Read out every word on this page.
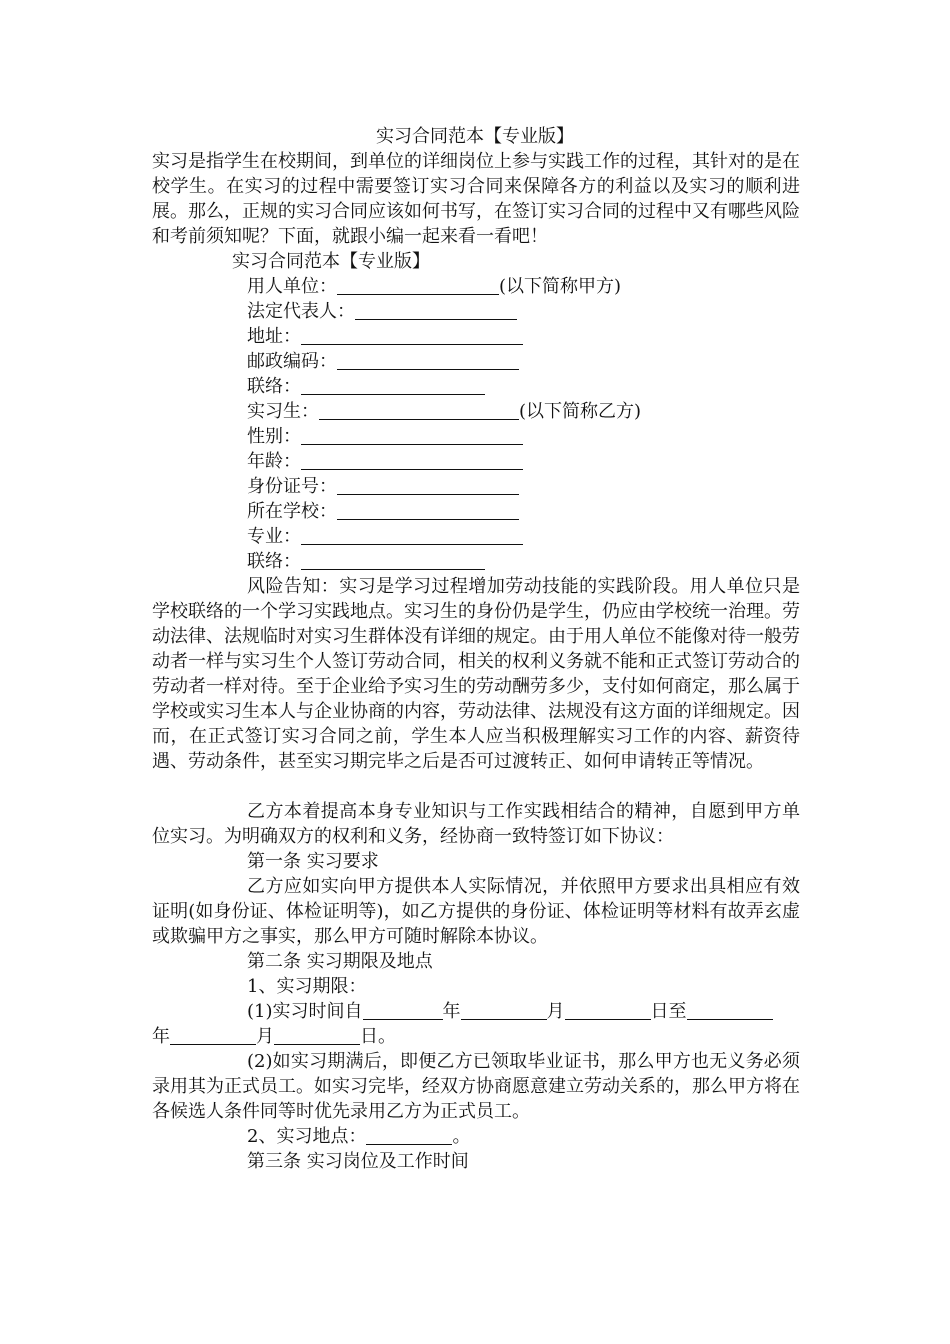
实习合同范本【专业版】
实习是指学生在校期间，到单位的详细岗位上参与实践工作的过程，其针对的是在校学生。在实习的过程中需要签订实习合同来保障各方的利益以及实习的顺利进展。那么，正规的实习合同应该如何书写，在签订实习合同的过程中又有哪些风险和考前须知呢？下面，就跟小编一起来看一看吧！
实习合同范本【专业版】
用人单位：	(以下简称甲方)
法定代表人：
地址：
邮政编码：
联络：
实习生：	(以下简称乙方)
性别：
年龄：
身份证号：
所在学校：
专业：
联络：
风险告知：实习是学习过程增加劳动技能的实践阶段。用人单位只是学校联络的一个学习实践地点。实习生的身份仍是学生，仍应由学校统一治理。劳动法律、法规临时对实习生群体没有详细的规定。由于用人单位不能像对待一般劳动者一样与实习生个人签订劳动合同，相关的权利义务就不能和正式签订劳动合的劳动者一样对待。至于企业给予实习生的劳动酬劳多少，支付如何商定，那么属于学校或实习生本人与企业协商的内容，劳动法律、法规没有这方面的详细规定。因而，在正式签订实习合同之前，学生本人应当积极理解实习工作的内容、薪资待遇、劳动条件，甚至实习期完毕之后是否可过渡转正、如何申请转正等情况。
乙方本着提高本身专业知识与工作实践相结合的精神，自愿到甲方单位实习。为明确双方的权利和义务，经协商一致特签订如下协议：
第一条 实习要求
乙方应如实向甲方提供本人实际情况，并依照甲方要求出具相应有效证明(如身份证、体检证明等)，如乙方提供的身份证、体检证明等材料有故弄玄虚或欺骗甲方之事实，那么甲方可随时解除本协议。
第二条 实习期限及地点
1、实习期限：
(1)实习时间自	年	月	日至
年	月	日。
(2)如实习期满后，即便乙方已领取毕业证书，那么甲方也无义务必须录用其为正式员工。如实习完毕，经双方协商愿意建立劳动关系的，那么甲方将在各候选人条件同等时优先录用乙方为正式员工。
2、实习地点：	。
第三条 实习岗位及工作时间
